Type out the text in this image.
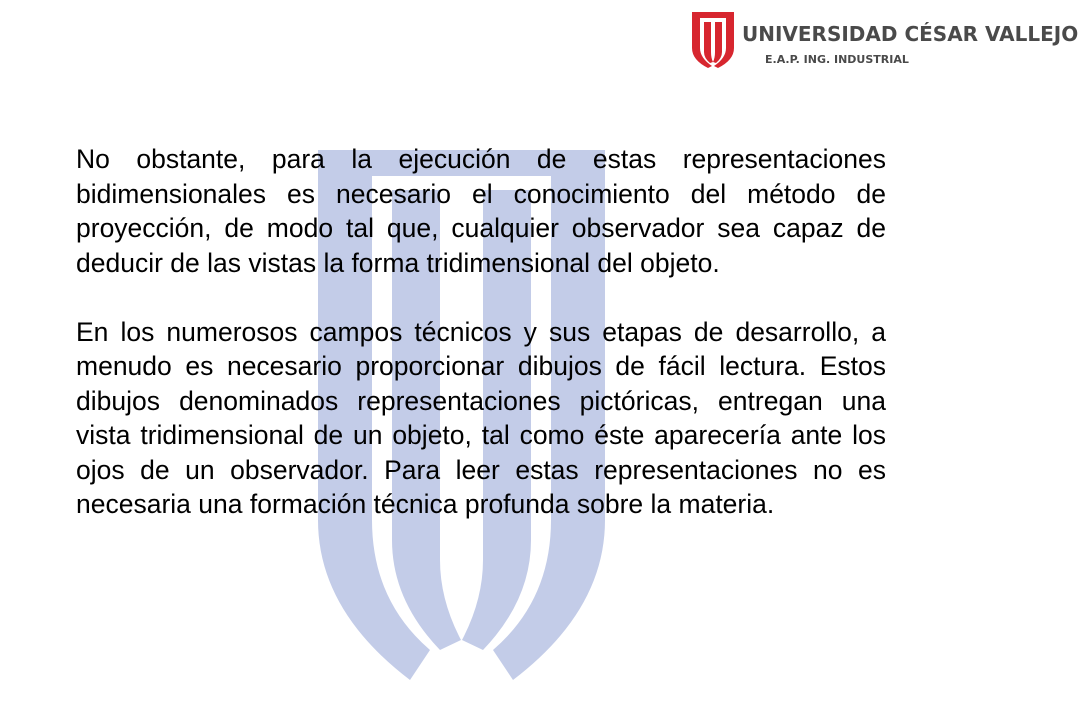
UNIVERSIDAD CÉSAR VALLEJO
E.A.P. ING. INDUSTRIAL

No obstante, para la ejecución de estas representaciones bidimensionales es necesario el conocimiento del método de proyección, de modo tal que, cualquier observador sea capaz de deducir de las vistas la forma tridimensional del objeto.

En los numerosos campos técnicos y sus etapas de desarrollo, a menudo es necesario proporcionar dibujos de fácil lectura. Estos dibujos denominados representaciones pictóricas, entregan una vista tridimensional de un objeto, tal como éste aparecería ante los ojos de un observador. Para leer estas representaciones no es necesaria una formación técnica profunda sobre la materia.
